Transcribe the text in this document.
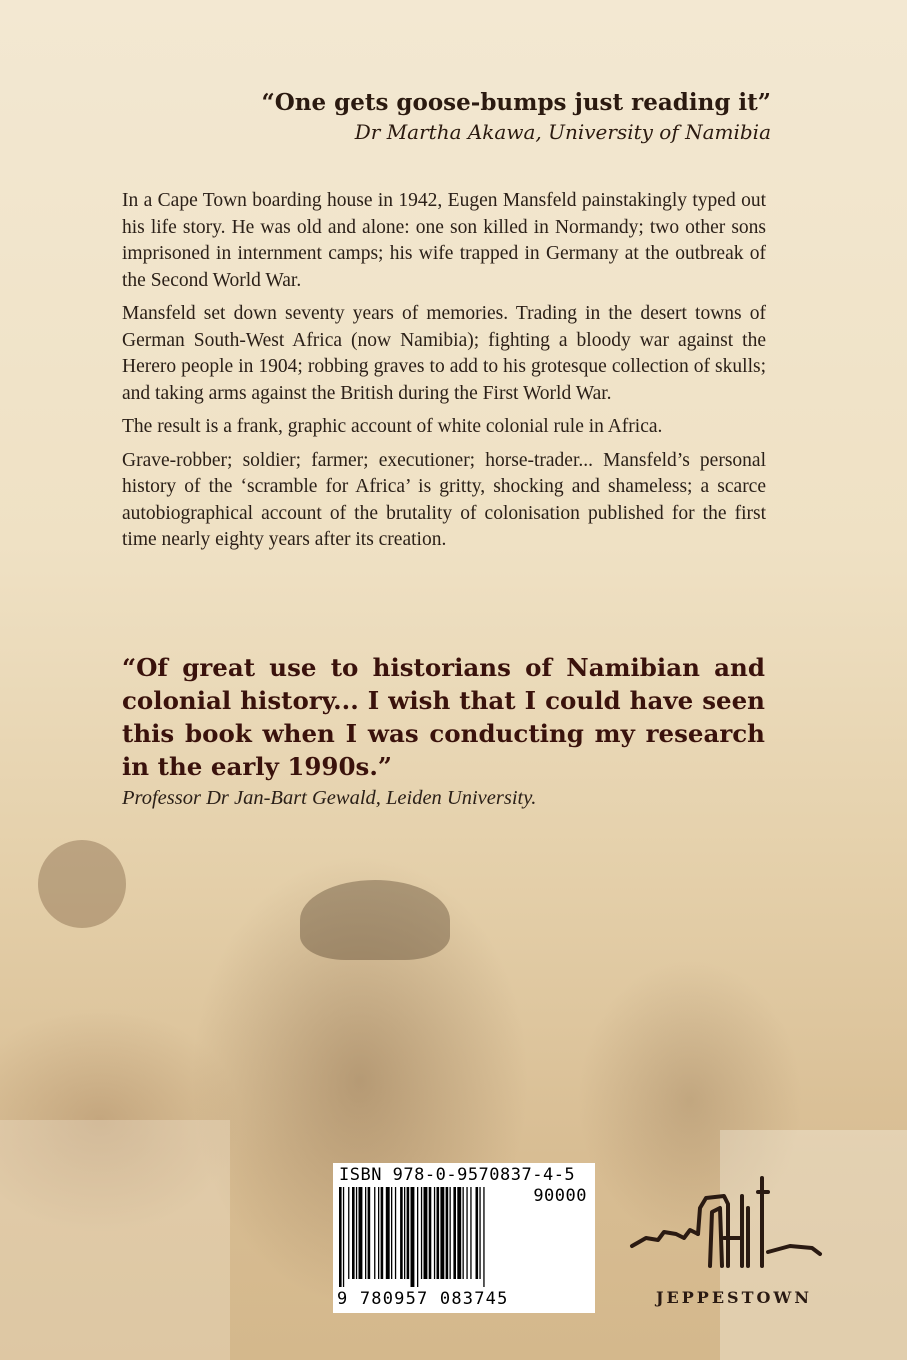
“One gets goose-bumps just reading it”
Dr Martha Akawa, University of Namibia

In a Cape Town boarding house in 1942, Eugen Mansfeld painstakingly typed out his life story. He was old and alone: one son killed in Normandy; two other sons imprisoned in internment camps; his wife trapped in Germany at the outbreak of the Second World War.

Mansfeld set down seventy years of memories. Trading in the desert towns of German South-West Africa (now Namibia); fighting a bloody war against the Herero people in 1904; robbing graves to add to his grotesque collection of skulls; and taking arms against the British during the First World War.

The result is a frank, graphic account of white colonial rule in Africa.

Grave-robber; soldier; farmer; executioner; horse-trader... Mansfeld’s personal history of the ‘scramble for Africa’ is gritty, shocking and shameless; a scarce autobiographical account of the brutality of colonisation published for the first time nearly eighty years after its creation.

“Of great use to historians of Namibian and colonial history... I wish that I could have seen this book when I was conducting my research in the early 1990s.”

Professor Dr Jan-Bart Gewald, Leiden University.
ISBN 978-0-9570837-4-5
90000
9 780957 083745	JEPPESTOWN
